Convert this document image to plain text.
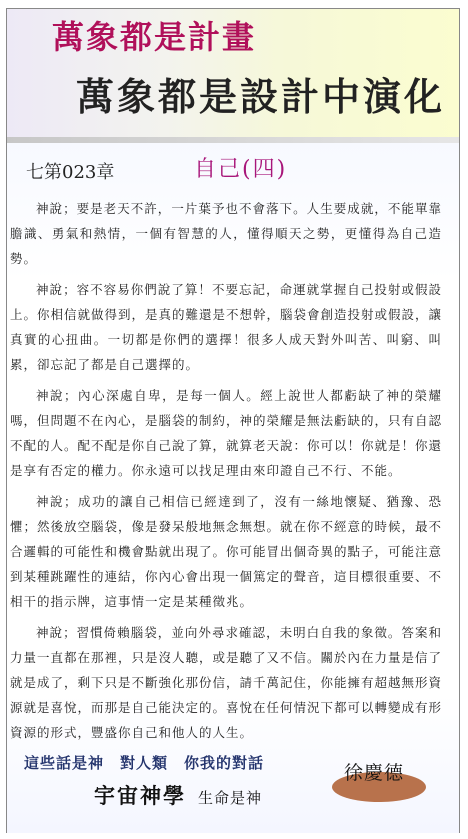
萬象都是計畫
萬象都是設計中演化
七第023章	自己(四)

神說；要是老天不許，一片葉予也不會落下。人生要成就，不能單靠膽識、勇氣和熱情，一個有智慧的人，懂得順天之勢，更懂得為自己造勢。

神說；容不容易你們說了算！不要忘記，命運就掌握自己投射或假設上。你相信就做得到，是真的難還是不想幹，腦袋會創造投射或假設，讓真實的心扭曲。一切都是你們的選擇！很多人成天對外叫苦、叫窮、叫累，卻忘記了都是自己選擇的。

神說；內心深處自卑，是每一個人。經上說世人都虧缺了神的榮耀嗎，但問題不在內心，是腦袋的制約，神的榮耀是無法虧缺的，只有自認不配的人。配不配是你自己說了算，就算老天說：你可以！你就是！你還是享有否定的權力。你永遠可以找足理由來印證自己不行、不能。

神說；成功的讓自己相信已經達到了，沒有一絲地懷疑、猶豫、恐懼；然後放空腦袋，像是發呆般地無念無想。就在你不經意的時候，最不合邏輯的可能性和機會點就出現了。你可能冒出個奇異的點子，可能注意到某種跳躍性的連結，你內心會出現一個篤定的聲音，這目標很重要、不相干的指示牌，這事情一定是某種徵兆。

神說；習慣倚賴腦袋，並向外尋求確認，未明白自我的象徵。答案和力量一直都在那裡，只是沒人聽，或是聽了又不信。關於內在力量是信了就是成了，剩下只是不斷強化那份信，請千萬記住，你能擁有超越無形資源就是喜悅，而那是自己能決定的。喜悅在任何情況下都可以轉變成有形資源的形式，豐盛你自己和他人的人生。

這些話是神　對人類　你我的對話
宇宙神學 生命是神
徐慶德
